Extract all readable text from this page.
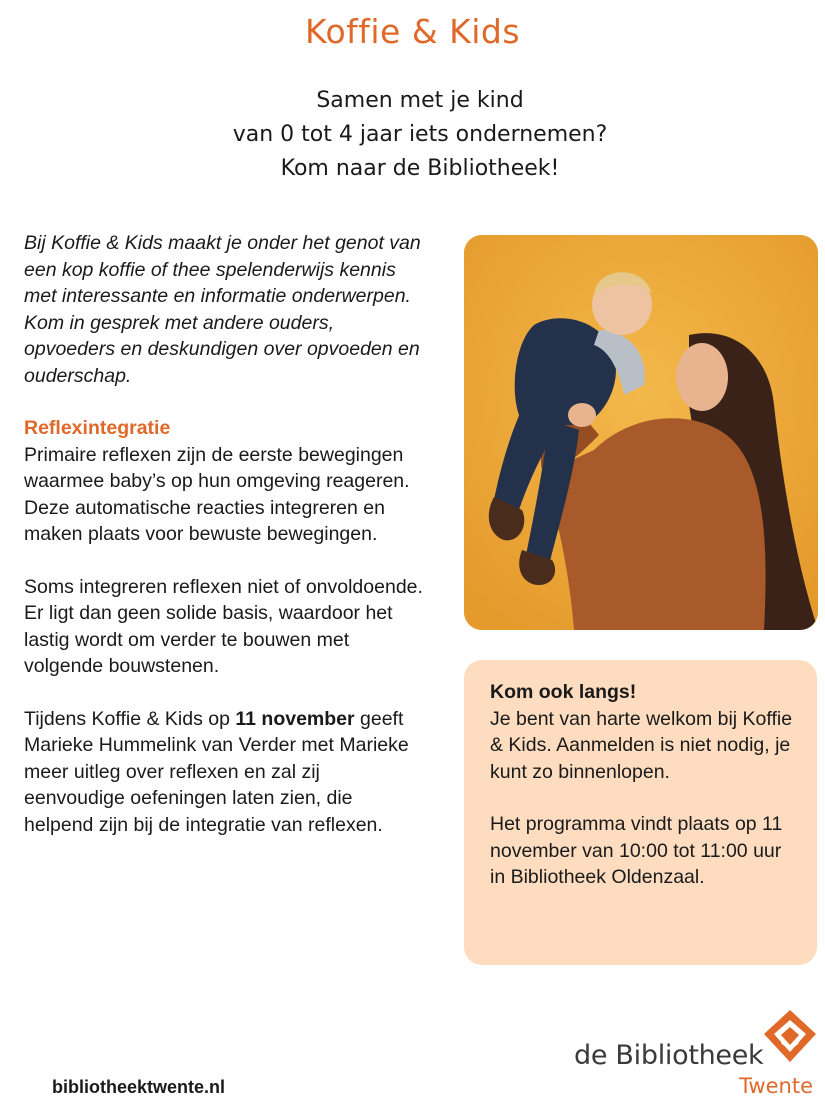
Koffie & Kids
Samen met je kind
van 0 tot 4 jaar iets ondernemen?
Kom naar de Bibliotheek!

Bij Koffie & Kids maakt je onder het genot van een kop koffie of thee spelenderwijs kennis met interessante en informatie onderwerpen. Kom in gesprek met andere ouders, opvoeders en deskundigen over opvoeden en ouderschap.

Reflexintegratie

Primaire reflexen zijn de eerste bewegingen waarmee baby’s op hun omgeving reageren.

Deze automatische reacties integreren en maken plaats voor bewuste bewegingen.

Soms integreren reflexen niet of onvoldoende. Er ligt dan geen solide basis, waardoor het lastig wordt om verder te bouwen met volgende bouwstenen.

Tijdens Koffie & Kids op 11 november geeft Marieke Hummelink van Verder met Marieke meer uitleg over reflexen en zal zij eenvoudige oefeningen laten zien, die helpend zijn bij de integratie van reflexen.

Kom ook langs!

Je bent van harte welkom bij Koffie & Kids. Aanmelden is niet nodig, je kunt zo binnenlopen.

Het programma vindt plaats op 11 november van 10:00 tot 11:00 uur in Bibliotheek Oldenzaal.

bibliotheektwente.nl
de Bibliotheek
Twente
